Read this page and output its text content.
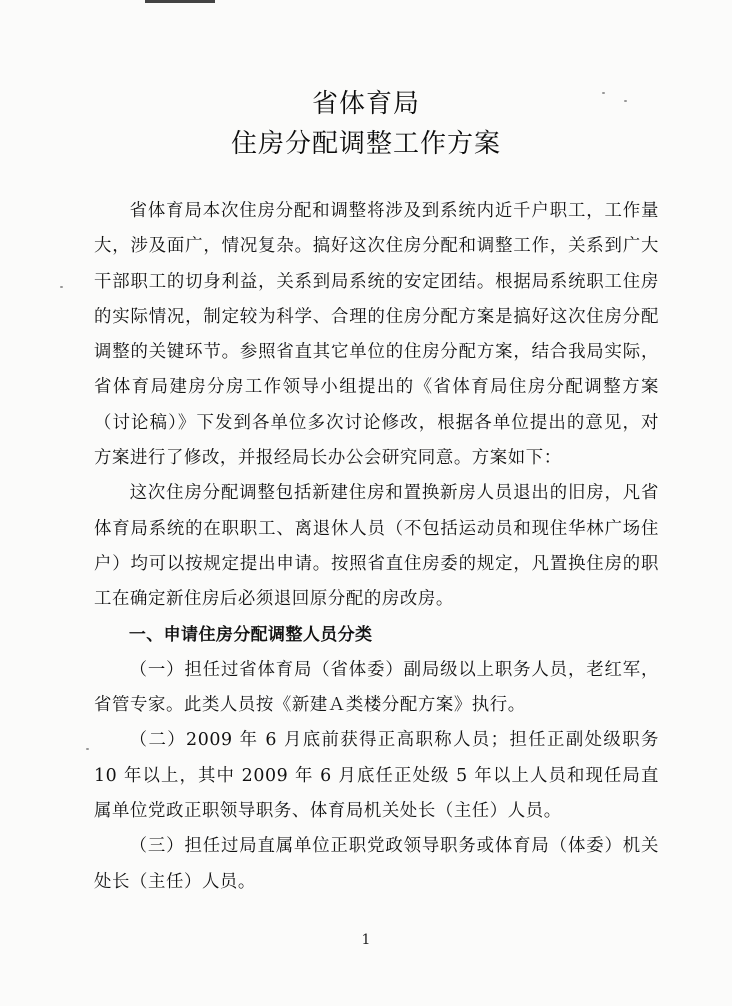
省体育局
住房分配调整工作方案

省体育局本次住房分配和调整将涉及到系统内近千户职工，工作量大，涉及面广，情况复杂。搞好这次住房分配和调整工作，关系到广大干部职工的切身利益，关系到局系统的安定团结。根据局系统职工住房的实际情况，制定较为科学、合理的住房分配方案是搞好这次住房分配调整的关键环节。参照省直其它单位的住房分配方案，结合我局实际，省体育局建房分房工作领导小组提出的《省体育局住房分配调整方案（讨论稿）》下发到各单位多次讨论修改，根据各单位提出的意见，对方案进行了修改，并报经局长办公会研究同意。方案如下：

这次住房分配调整包括新建住房和置换新房人员退出的旧房，凡省体育局系统的在职职工、离退休人员（不包括运动员和现住华林广场住户）均可以按规定提出申请。按照省直住房委的规定，凡置换住房的职工在确定新住房后必须退回原分配的房改房。

一、申请住房分配调整人员分类

（一）担任过省体育局（省体委）副局级以上职务人员，老红军，省管专家。此类人员按《新建Ａ类楼分配方案》执行。

（二）2009 年 6 月底前获得正高职称人员；担任正副处级职务 10 年以上，其中 2009 年 6 月底任正处级 5 年以上人员和现任局直属单位党政正职领导职务、体育局机关处长（主任）人员。

（三）担任过局直属单位正职党政领导职务或体育局（体委）机关处长（主任）人员。

1
